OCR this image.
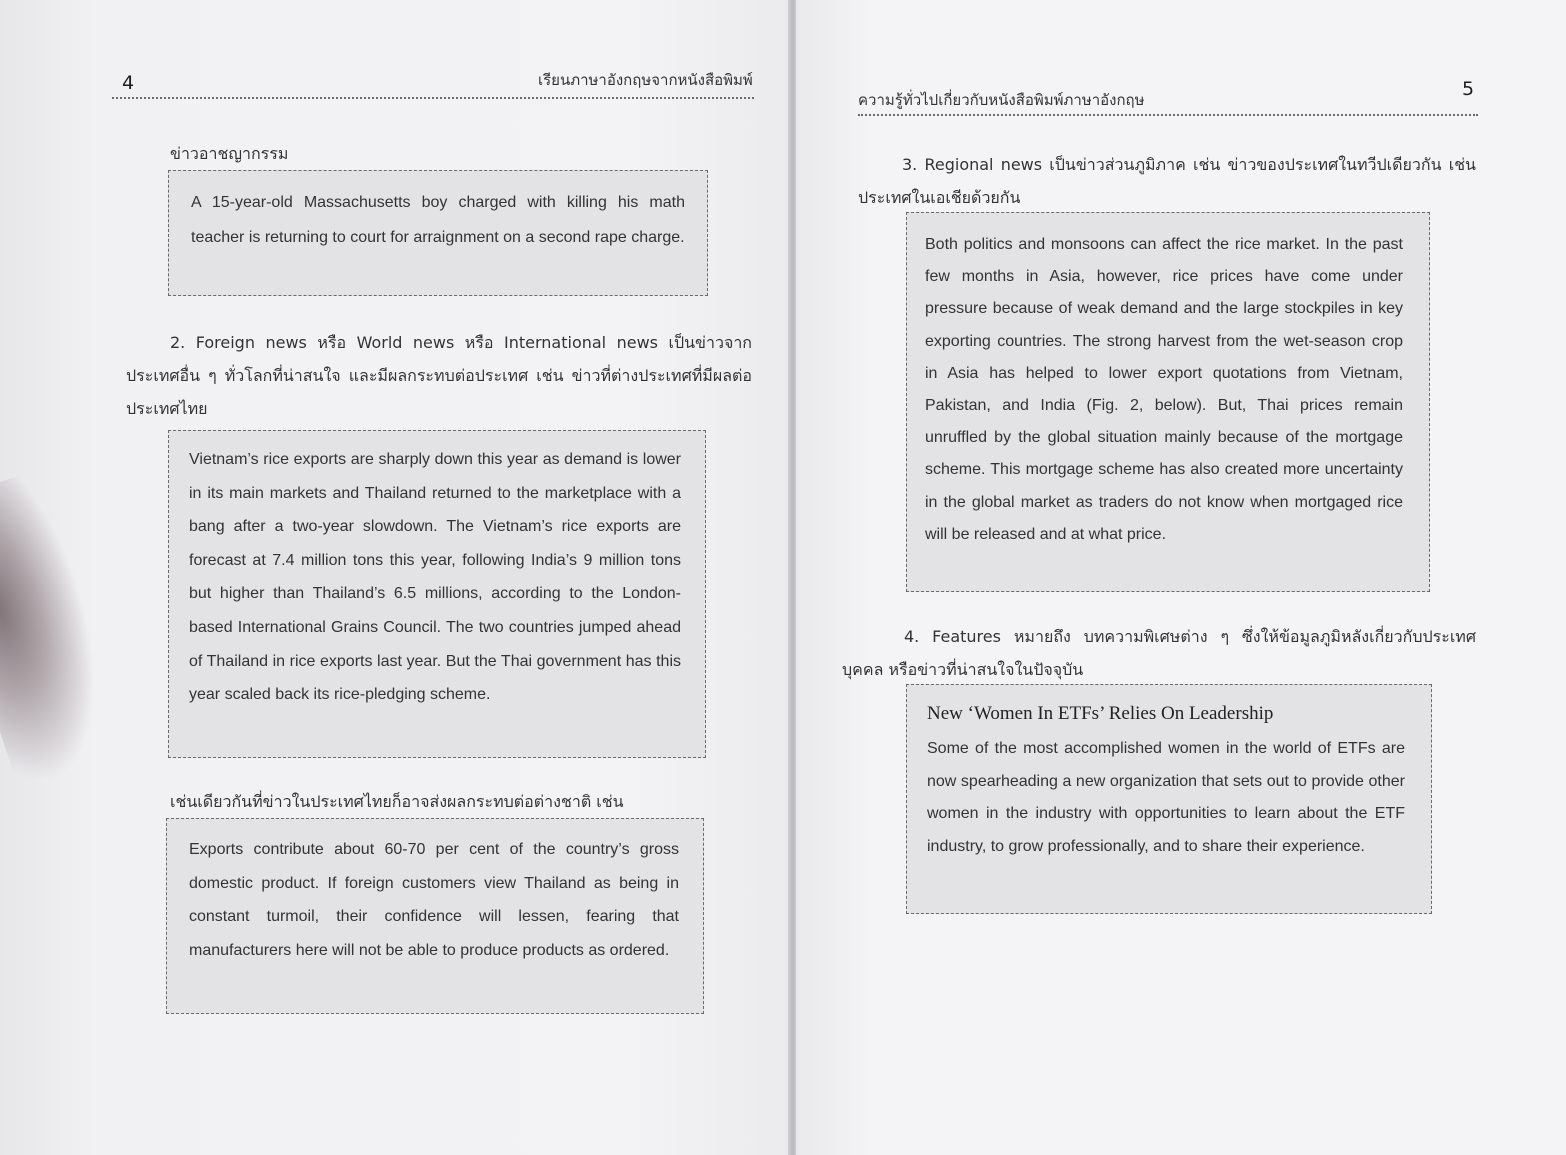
4	เรียนภาษาอังกฤษจากหนังสือพิมพ์
ข่าวอาชญากรรม

A 15-year-old Massachusetts boy charged with killing his math teacher is returning to court for arraignment on a second rape charge.

2. Foreign news หรือ World news หรือ International news เป็นข่าวจากประเทศอื่น ๆ ทั่วโลกที่น่าสนใจ และมีผลกระทบต่อประเทศ เช่น ข่าวที่ต่างประเทศที่มีผลต่อประเทศไทย

Vietnam’s rice exports are sharply down this year as demand is lower in its main markets and Thailand returned to the marketplace with a bang after a two-year slowdown. The Vietnam’s rice exports are forecast at 7.4 million tons this year, following India’s 9 million tons but higher than Thailand’s 6.5 millions, according to the London-based International Grains Council. The two countries jumped ahead of Thailand in rice exports last year. But the Thai government has this year scaled back its rice-pledging scheme.

เช่นเดียวกันที่ข่าวในประเทศไทยก็อาจส่งผลกระทบต่อต่างชาติ เช่น

Exports contribute about 60-70 per cent of the country’s gross domestic product. If foreign customers view Thailand as being in constant turmoil, their confidence will lessen, fearing that manufacturers here will not be able to produce products as ordered.

ความรู้ทั่วไปเกี่ยวกับหนังสือพิมพ์ภาษาอังกฤษ	5
3. Regional news เป็นข่าวส่วนภูมิภาค เช่น ข่าวของประเทศในทวีปเดียวกัน เช่น ประเทศในเอเชียด้วยกัน

Both politics and monsoons can affect the rice market. In the past few months in Asia, however, rice prices have come under pressure because of weak demand and the large stockpiles in key exporting countries. The strong harvest from the wet-season crop in Asia has helped to lower export quotations from Vietnam, Pakistan, and India (Fig. 2, below). But, Thai prices remain unruffled by the global situation mainly because of the mortgage scheme. This mortgage scheme has also created more uncertainty in the global market as traders do not know when mortgaged rice will be released and at what price.

4. Features หมายถึง บทความพิเศษต่าง ๆ ซึ่งให้ข้อมูลภูมิหลังเกี่ยวกับประเทศ บุคคล หรือข่าวที่น่าสนใจในปัจจุบัน
New ‘Women In ETFs’ Relies On Leadership

Some of the most accomplished women in the world of ETFs are now spearheading a new organization that sets out to provide other women in the industry with opportunities to learn about the ETF industry, to grow professionally, and to share their experience.
